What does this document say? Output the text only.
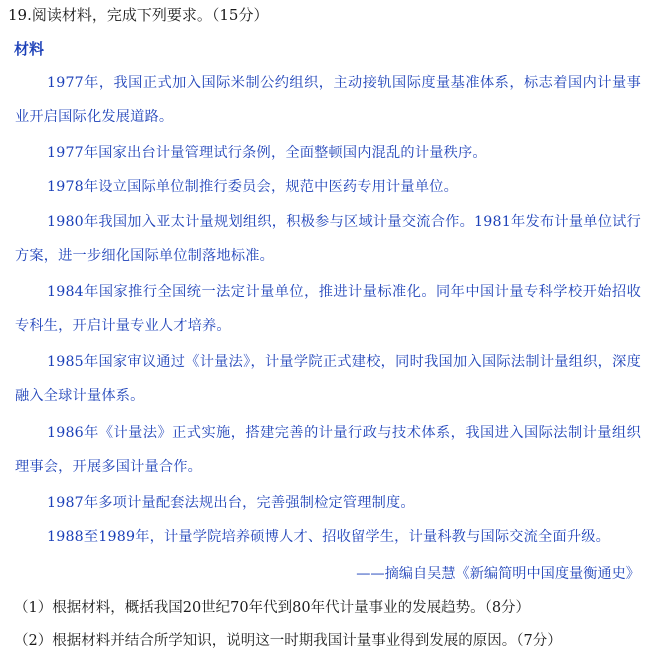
19.阅读材料，完成下列要求。（15分）
材料
1977年，我国正式加入国际米制公约组织，主动接轨国际度量基准体系，标志着国内计量事业开启国际化发展道路。
1977年国家出台计量管理试行条例，全面整顿国内混乱的计量秩序。
1978年设立国际单位制推行委员会，规范中医药专用计量单位。
1980年我国加入亚太计量规划组织，积极参与区域计量交流合作。1981年发布计量单位试行方案，进一步细化国际单位制落地标准。
1984年国家推行全国统一法定计量单位，推进计量标准化。同年中国计量专科学校开始招收专科生，开启计量专业人才培养。
1985年国家审议通过《计量法》，计量学院正式建校，同时我国加入国际法制计量组织，深度融入全球计量体系。
1986年《计量法》正式实施，搭建完善的计量行政与技术体系，我国进入国际法制计量组织理事会，开展多国计量合作。
1987年多项计量配套法规出台，完善强制检定管理制度。
1988至1989年，计量学院培养硕博人才、招收留学生，计量科教与国际交流全面升级。
——摘编自吴慧《新编简明中国度量衡通史》
（1）根据材料，概括我国20世纪70年代到80年代计量事业的发展趋势。（8分）
（2）根据材料并结合所学知识，说明这一时期我国计量事业得到发展的原因。（7分）
